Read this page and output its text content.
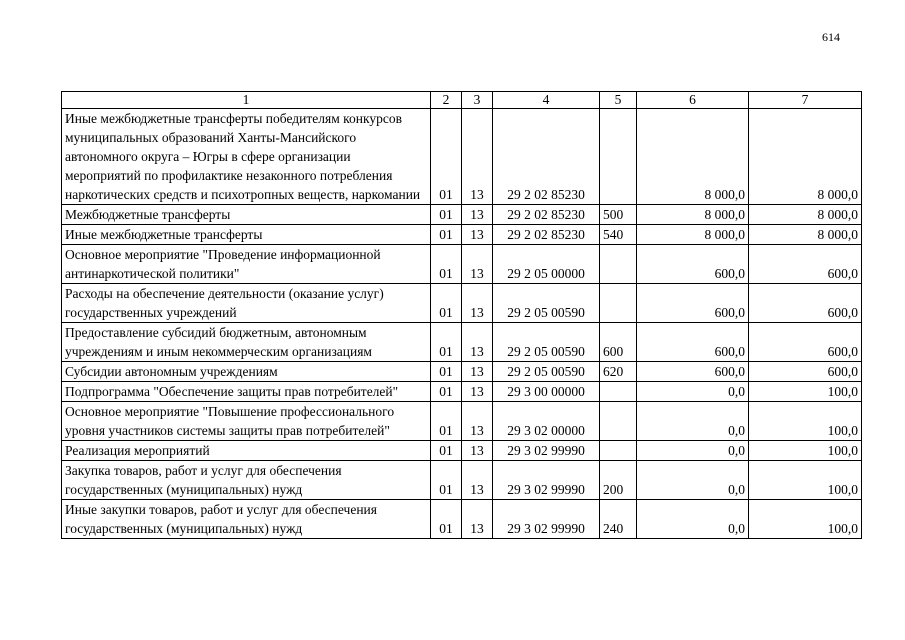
614
1	2	3	4	5	6	7
Иные межбюджетные трансферты победителям конкурсов муниципальных образований Ханты-Мансийского автономного округа – Югры в сфере организации мероприятий по профилактике незаконного потребления наркотических средств и психотропных веществ, наркомании	01	13	29 2 02 85230		8 000,0	8 000,0
Межбюджетные трансферты	01	13	29 2 02 85230	500	8 000,0	8 000,0
Иные межбюджетные трансферты	01	13	29 2 02 85230	540	8 000,0	8 000,0
Основное мероприятие "Проведение информационной антинаркотической политики"	01	13	29 2 05 00000		600,0	600,0
Расходы на обеспечение деятельности (оказание услуг) государственных учреждений	01	13	29 2 05 00590		600,0	600,0
Предоставление субсидий бюджетным, автономным учреждениям и иным некоммерческим организациям	01	13	29 2 05 00590	600	600,0	600,0
Субсидии автономным учреждениям	01	13	29 2 05 00590	620	600,0	600,0
Подпрограмма "Обеспечение защиты прав потребителей"	01	13	29 3 00 00000		0,0	100,0
Основное мероприятие "Повышение профессионального уровня участников системы защиты прав потребителей"	01	13	29 3 02 00000		0,0	100,0
Реализация мероприятий	01	13	29 3 02 99990		0,0	100,0
Закупка товаров, работ и услуг для обеспечения государственных (муниципальных) нужд	01	13	29 3 02 99990	200	0,0	100,0
Иные закупки товаров, работ и услуг для обеспечения государственных (муниципальных) нужд	01	13	29 3 02 99990	240	0,0	100,0
